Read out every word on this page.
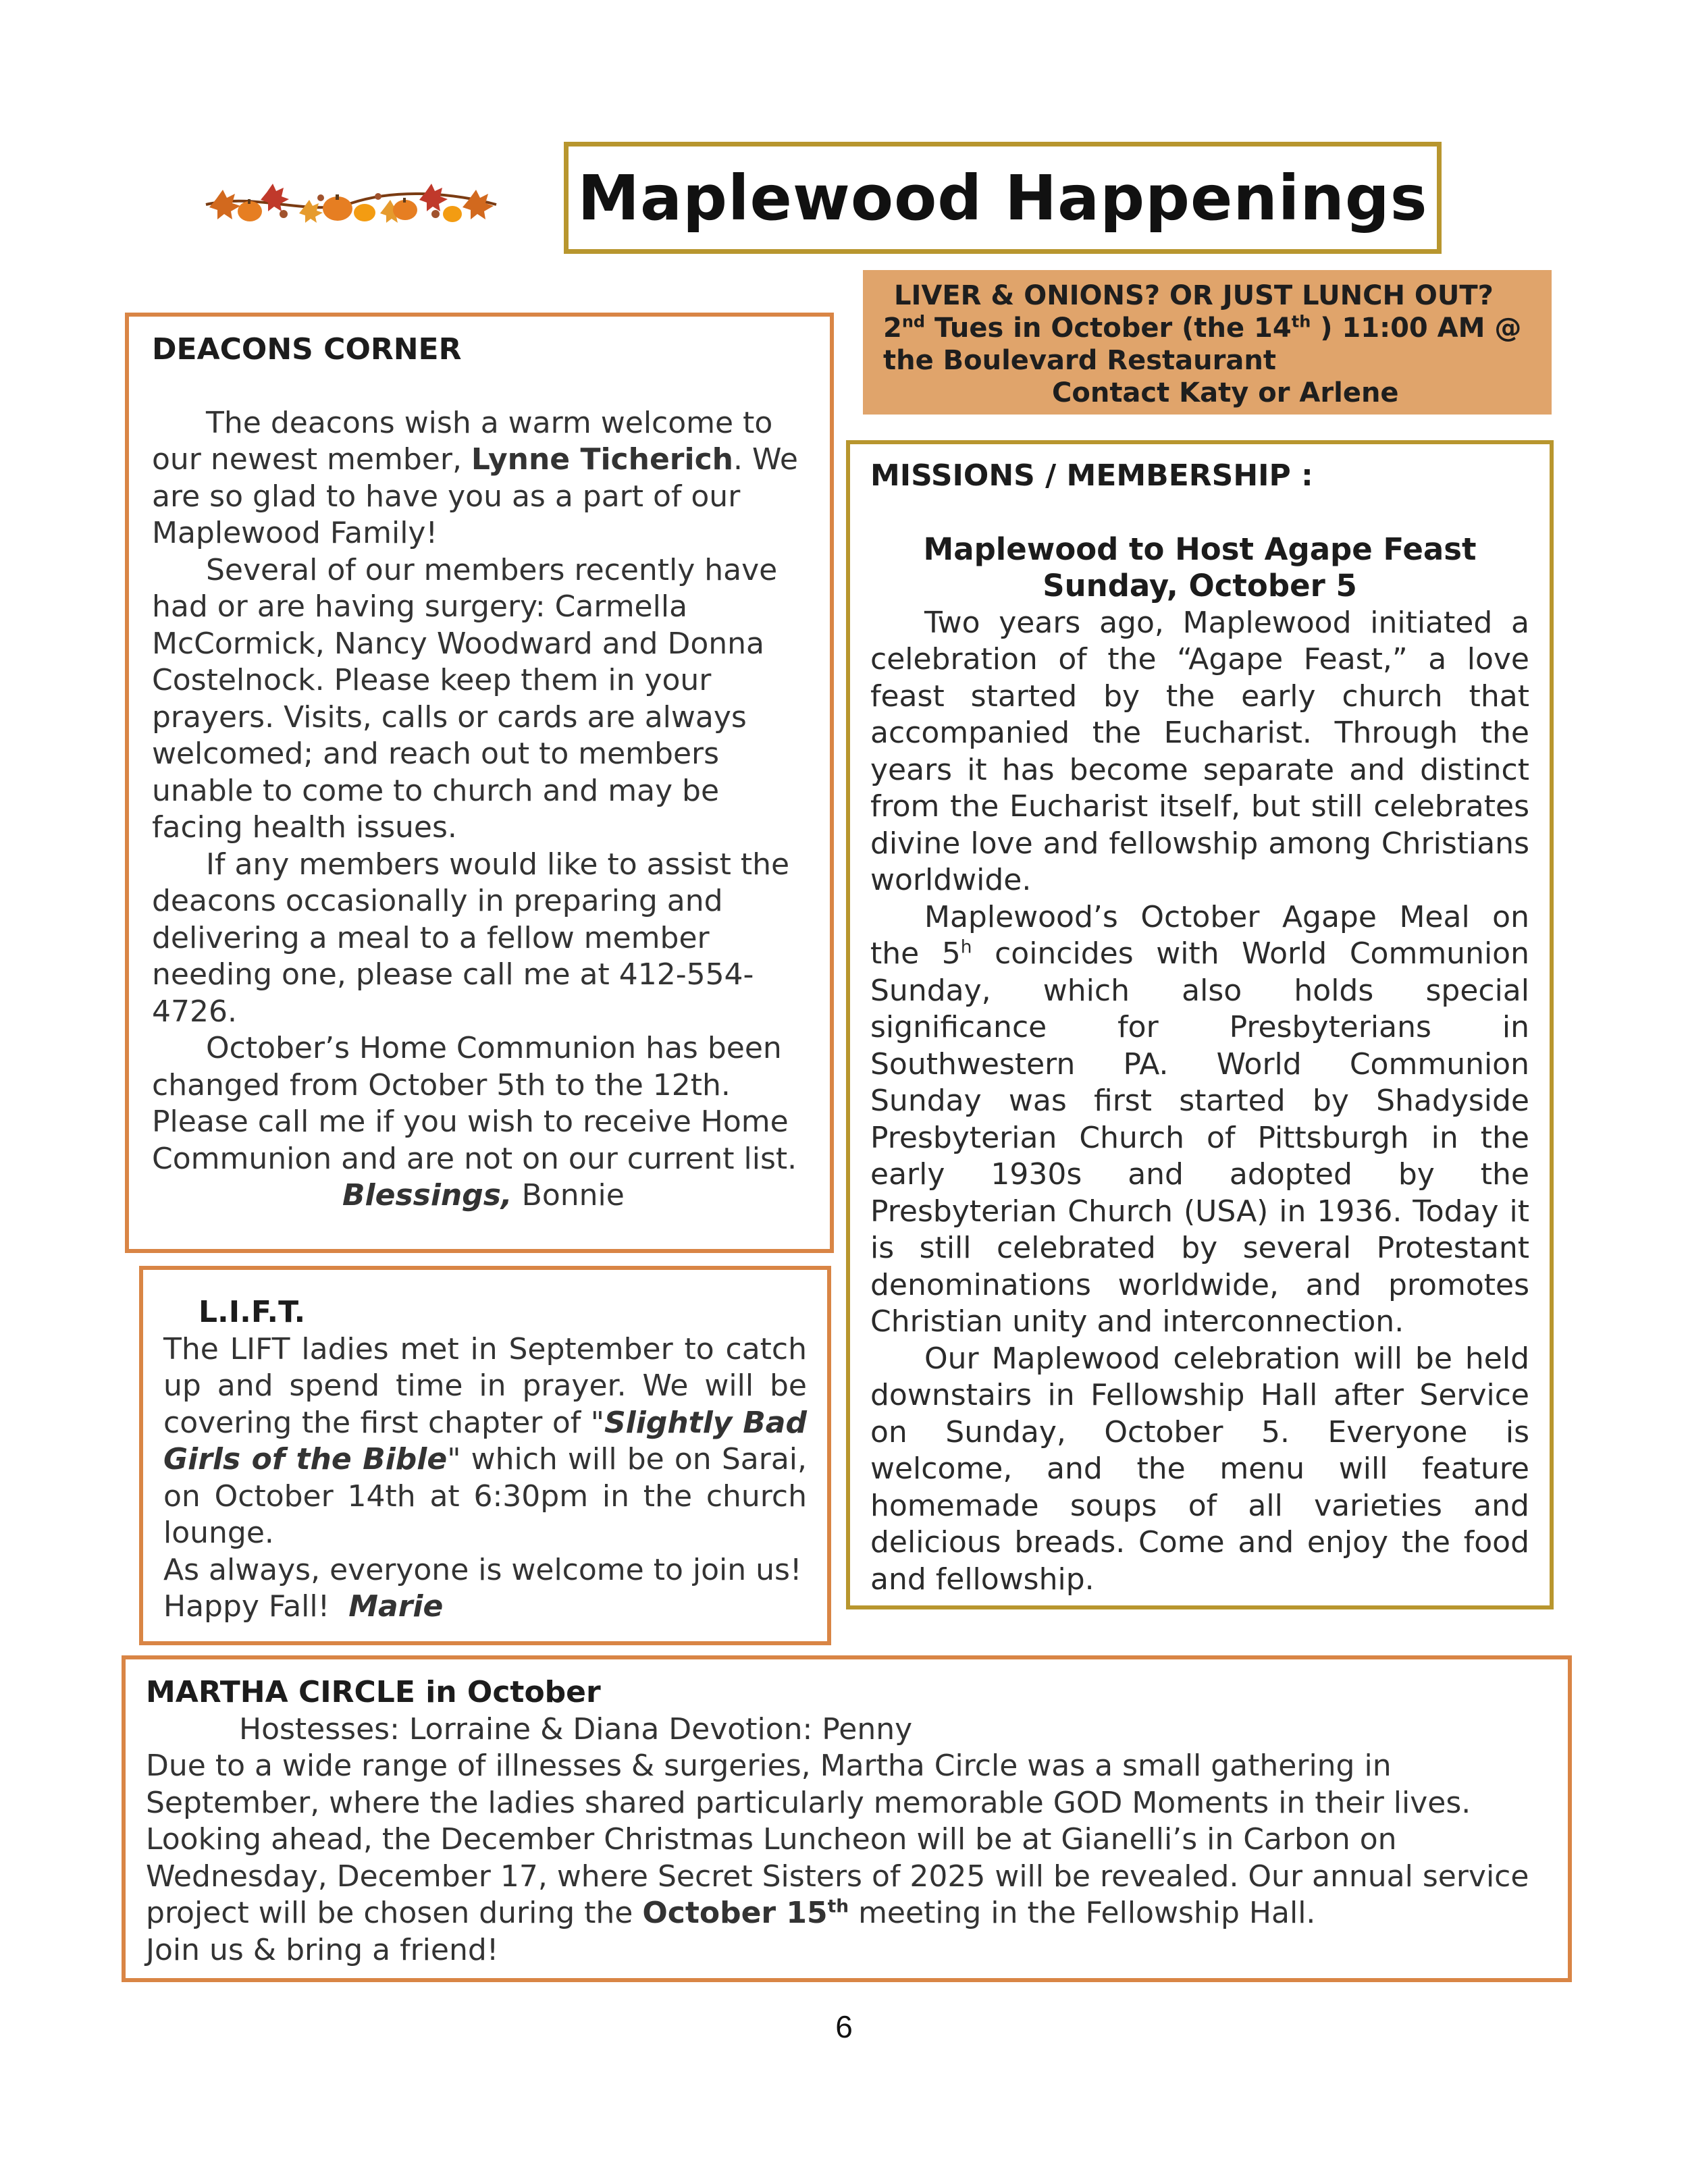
Maplewood Happenings

LIVER & ONIONS? OR JUST LUNCH OUT?

2nd Tues in October (the 14th ) 11:00 AM @

the Boulevard Restaurant

Contact Katy or Arlene

DEACONS CORNER

The deacons wish a warm welcome to our newest member, Lynne Ticherich. We are so glad to have you as a part of our Maplewood Family!

Several of our members recently have had or are having surgery: Carmella McCormick, Nancy Woodward and Donna Costelnock. Please keep them in your prayers. Visits, calls or cards are always welcomed; and reach out to members unable to come to church and may be facing health issues.

If any members would like to assist the deacons occasionally in preparing and delivering a meal to a fellow member needing one, please call me at 412-554-4726.

October’s Home Communion has been changed from October 5th to the 12th. Please call me if you wish to receive Home Communion and are not on our current list.

Blessings, Bonnie

L.I.F.T.

The LIFT ladies met in September to catch up and spend time in prayer. We will be covering the first chapter of "Slightly Bad Girls of the Bible" which will be on Sarai, on October 14th at 6:30pm in the church lounge.

As always, everyone is welcome to join us!            Happy Fall!  Marie

MISSIONS / MEMBERSHIP :

Maplewood to Host Agape Feast

Sunday, October 5

Two years ago, Maplewood initiated a celebration of the “Agape Feast,” a love feast started by the early church that accompanied the Eucharist. Through the years it has become separate and distinct from the Eucharist itself, but still celebrates divine love and fellowship among Christians worldwide.

Maplewood’s October Agape Meal on the 5$^h$ coincides with World Communion Sunday, which also holds special significance for Presbyterians in Southwestern PA. World Communion Sunday was first started by Shadyside Presbyterian Church of Pittsburgh in the early 1930s and adopted by the Presbyterian Church (USA) in 1936. Today it is still celebrated by several Protestant denominations worldwide, and promotes Christian unity and interconnection.

Our Maplewood celebration will be held downstairs in Fellowship Hall after Service on Sunday, October 5. Everyone is welcome, and the menu will feature homemade soups of all varieties and delicious breads. Come and enjoy the food and fellowship.

MARTHA CIRCLE in October

Hostesses: Lorraine & Diana Devotion: Penny

Due to a wide range of illnesses & surgeries, Martha Circle was a small gathering in September, where the ladies shared particularly memorable GOD Moments in their lives. Looking ahead, the December Christmas Luncheon will be at Gianelli’s in Carbon on Wednesday, December 17, where Secret Sisters of 2025 will be revealed. Our annual service project will be chosen during the October 15th meeting in the Fellowship Hall.

Join us & bring a friend!

6
